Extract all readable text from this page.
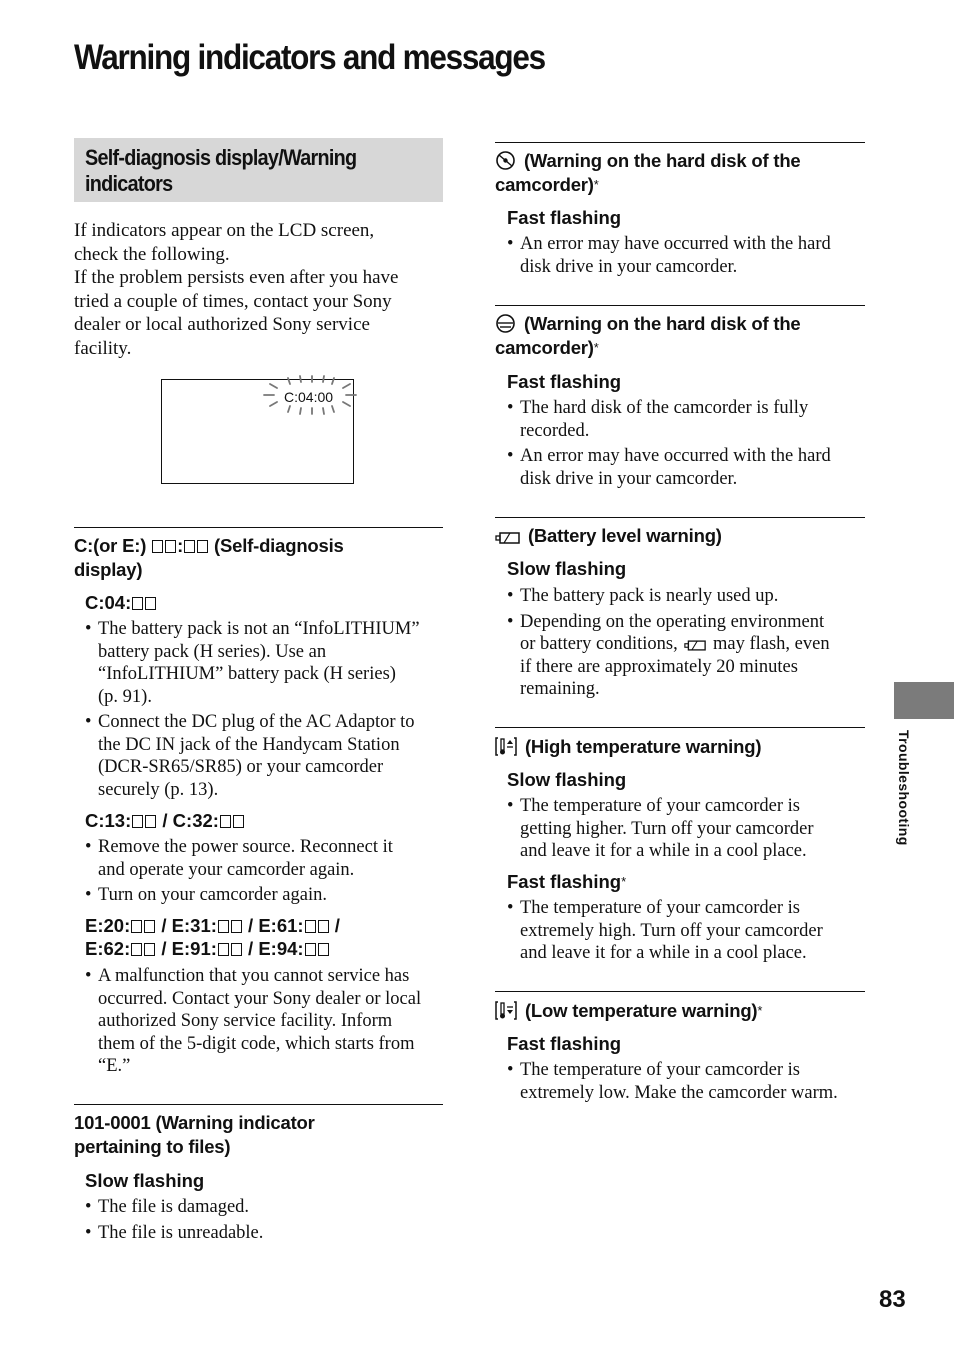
Warning indicators and messages
Self-diagnosis display/Warning
indicators
If indicators appear on the LCD screen,
check the following.
If the problem persists even after you have
tried a couple of times, contact your Sony
dealer or local authorized Sony service
facility.
C:04:00
C:(or E:) : (Self-diagnosis
display)
C:04:
• The battery pack is not an “InfoLITHIUM”
battery pack (H series). Use an
“InfoLITHIUM” battery pack (H series)
(p. 91).
• Connect the DC plug of the AC Adaptor to
the DC IN jack of the Handycam Station
(DCR-SR65/SR85) or your camcorder
securely (p. 13).
C:13: / C:32:
• Remove the power source. Reconnect it
and operate your camcorder again.
• Turn on your camcorder again.
E:20: / E:31: / E:61: /
E:62: / E:91: / E:94:
• A malfunction that you cannot service has
occurred. Contact your Sony dealer or local
authorized Sony service facility. Inform
them of the 5-digit code, which starts from
“E.”
101-0001 (Warning indicator
pertaining to files)
Slow flashing
• The file is damaged.
• The file is unreadable.
(Warning on the hard disk of the
camcorder)*
Fast flashing
• An error may have occurred with the hard
disk drive in your camcorder.
(Warning on the hard disk of the
camcorder)*
Fast flashing
• The hard disk of the camcorder is fully
recorded.
• An error may have occurred with the hard
disk drive in your camcorder.
(Battery level warning)
Slow flashing
• The battery pack is nearly used up.
• Depending on the operating environment
or battery conditions,  may flash, even
if there are approximately 20 minutes
remaining.
(High temperature warning)
Slow flashing
• The temperature of your camcorder is
getting higher. Turn off your camcorder
and leave it for a while in a cool place.
Fast flashing*
• The temperature of your camcorder is
extremely high. Turn off your camcorder
and leave it for a while in a cool place.
(Low temperature warning)*
Fast flashing
• The temperature of your camcorder is
extremely low. Make the camcorder warm.
Troubleshooting
83
